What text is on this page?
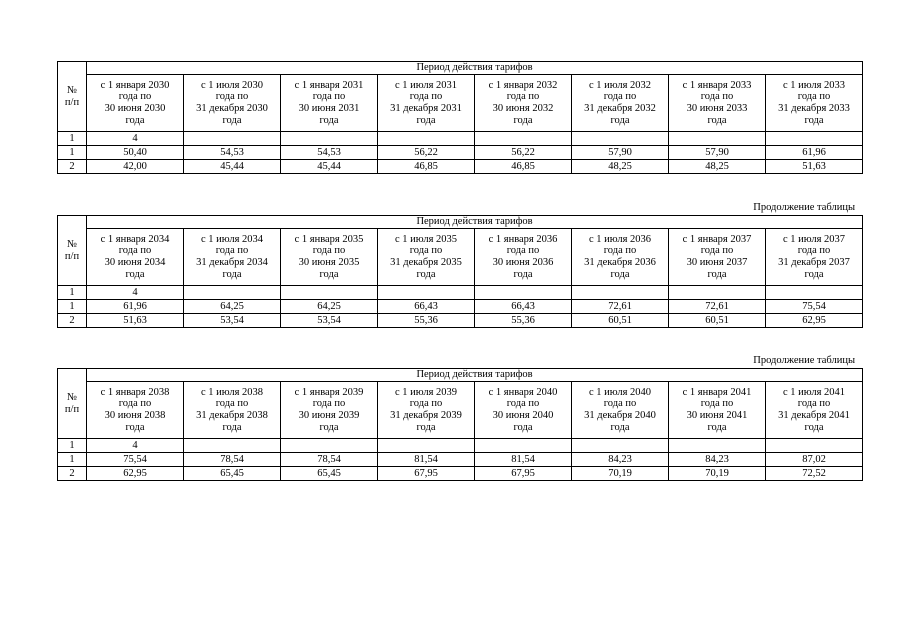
№
п/п	Период действия тарифов							
	с 1 января 2030
года по
30 июня 2030
года	с 1 июля 2030
года по
31 декабря 2030
года	с 1 января 2031
года по
30 июня 2031
года	с 1 июля 2031
года по
31 декабря 2031
года	с 1 января 2032
года по
30 июня 2032
года	с 1 июля 2032
года по
31 декабря 2032
года	с 1 января 2033
года по
30 июня 2033
года	с 1 июля 2033
года по
31 декабря 2033
года
1	4							
1	50,40	54,53	54,53	56,22	56,22	57,90	57,90	61,96
2	42,00	45,44	45,44	46,85	46,85	48,25	48,25	51,63
Продолжение таблицы
№
п/п	Период действия тарифов							
	с 1 января 2034
года по
30 июня 2034
года	с 1 июля 2034
года по
31 декабря 2034
года	с 1 января 2035
года по
30 июня 2035
года	с 1 июля 2035
года по
31 декабря 2035
года	с 1 января 2036
года по
30 июня 2036
года	с 1 июля 2036
года по
31 декабря 2036
года	с 1 января 2037
года по
30 июня 2037
года	с 1 июля 2037
года по
31 декабря 2037
года
1	4							
1	61,96	64,25	64,25	66,43	66,43	72,61	72,61	75,54
2	51,63	53,54	53,54	55,36	55,36	60,51	60,51	62,95
Продолжение таблицы
№
п/п	Период действия тарифов							
	с 1 января 2038
года по
30 июня 2038
года	с 1 июля 2038
года по
31 декабря 2038
года	с 1 января 2039
года по
30 июня 2039
года	с 1 июля 2039
года по
31 декабря 2039
года	с 1 января 2040
года по
30 июня 2040
года	с 1 июля 2040
года по
31 декабря 2040
года	с 1 января 2041
года по
30 июня 2041
года	с 1 июля 2041
года по
31 декабря 2041
года
1	4							
1	75,54	78,54	78,54	81,54	81,54	84,23	84,23	87,02
2	62,95	65,45	65,45	67,95	67,95	70,19	70,19	72,52
